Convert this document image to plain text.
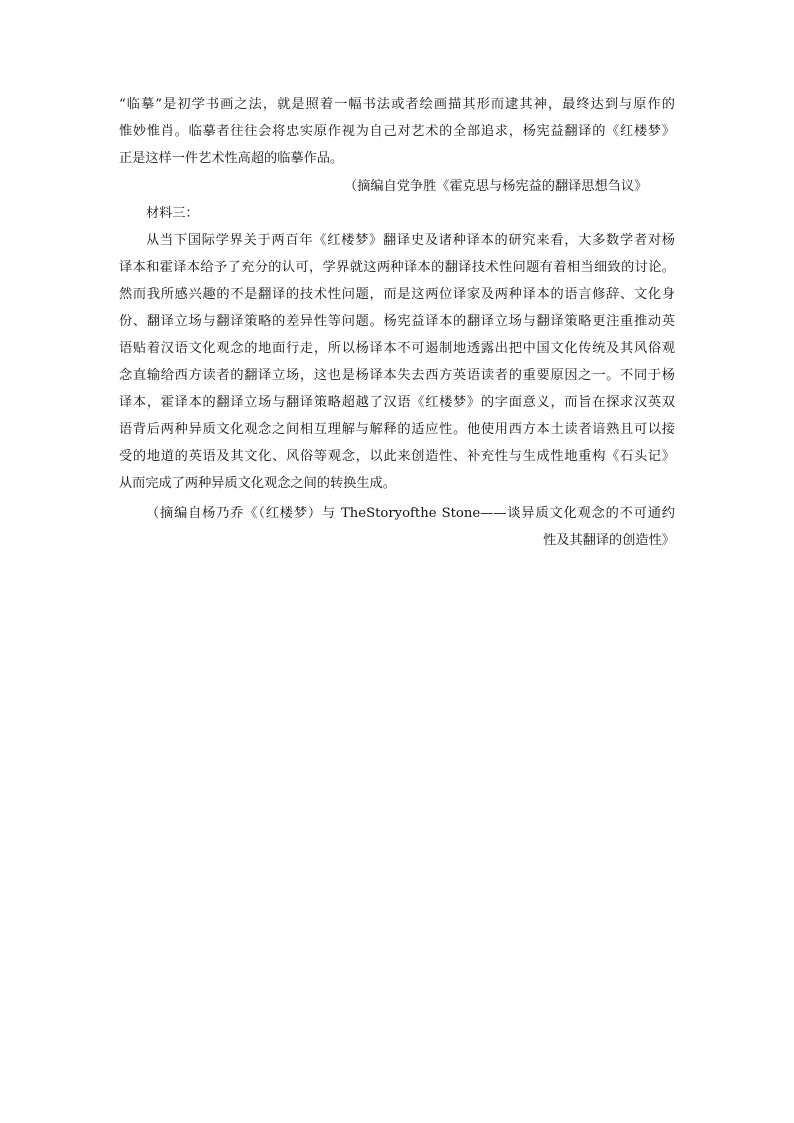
“临摹”是初学书画之法，就是照着一幅书法或者绘画描其形而逮其神，最终达到与原作的
惟妙惟肖。临摹者往往会将忠实原作视为自己对艺术的全部追求，杨宪益翻译的《红楼梦》
正是这样一件艺术性高超的临摹作品。
（摘编自党争胜《霍克思与杨宪益的翻译思想刍议》
材料三：
从当下国际学界关于两百年《红楼梦》翻译史及诸种译本的研究来看，大多数学者对杨
译本和霍译本给予了充分的认可，学界就这两种译本的翻译技术性问题有着相当细致的讨论。
然而我所感兴趣的不是翻译的技术性问题，而是这两位译家及两种译本的语言修辞、文化身
份、翻译立场与翻译策略的差异性等问题。杨宪益译本的翻译立场与翻译策略更注重推动英
语贴着汉语文化观念的地面行走，所以杨译本不可遏制地透露出把中国文化传统及其风俗观
念直输给西方读者的翻译立场，这也是杨译本失去西方英语读者的重要原因之一。不同于杨
译本，霍译本的翻译立场与翻译策略超越了汉语《红楼梦》的字面意义，而旨在探求汉英双
语背后两种异质文化观念之间相互理解与解释的适应性。他使用西方本土读者谙熟且可以接
受的地道的英语及其文化、风俗等观念，以此来创造性、补充性与生成性地重构《石头记》
从而完成了两种异质文化观念之间的转换生成。
（摘编自杨乃乔《（红楼梦）与 TheStoryofthe Stone——谈异质文化观念的不可通约
性及其翻译的创造性》
